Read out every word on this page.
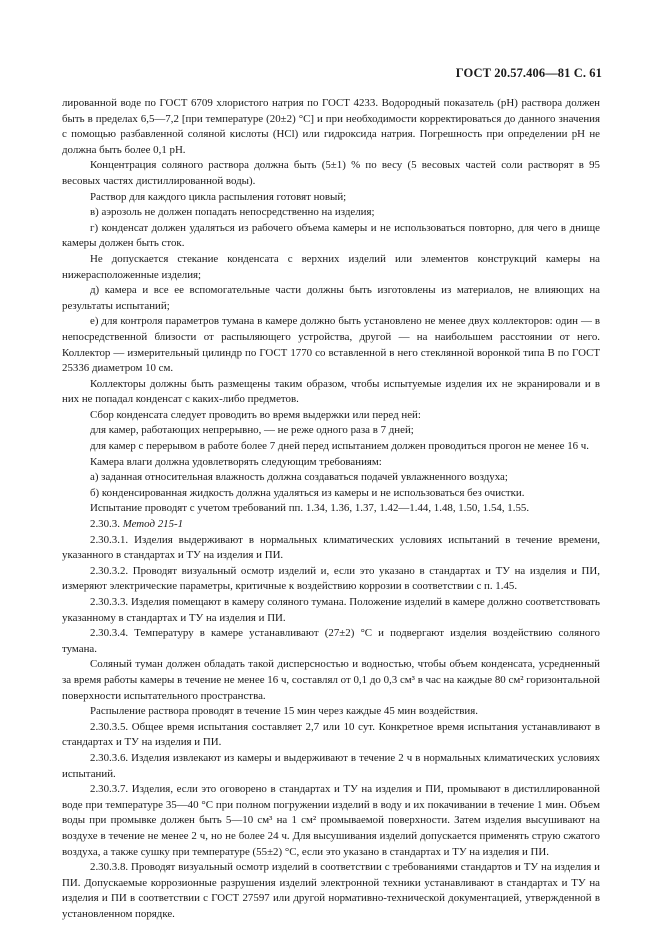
ГОСТ 20.57.406—81 С. 61

лированной воде по ГОСТ 6709 хлористого натрия по ГОСТ 4233. Водородный показатель (рН) раствора должен быть в пределах 6,5—7,2 [при температуре (20±2) °С] и при необходимости корректироваться до данного значения с помощью разбавленной соляной кислоты (HCl) или гидроксида натрия. Погрешность при определении рН не должна быть более 0,1 рН.

Концентрация соляного раствора должна быть (5±1) % по весу (5 весовых частей соли растворят в 95 весовых частях дистиллированной воды).

Раствор для каждого цикла распыления готовят новый;

в) аэрозоль не должен попадать непосредственно на изделия;

г) конденсат должен удаляться из рабочего объема камеры и не использоваться повторно, для чего в днище камеры должен быть сток.

Не допускается стекание конденсата с верхних изделий или элементов конструкций камеры на нижерасположенные изделия;

д) камера и все ее вспомогательные части должны быть изготовлены из материалов, не влияющих на результаты испытаний;

е) для контроля параметров тумана в камере должно быть установлено не менее двух коллекторов: один — в непосредственной близости от распыляющего устройства, другой — на наибольшем расстоянии от него. Коллектор — измерительный цилиндр по ГОСТ 1770 со вставленной в него стеклянной воронкой типа В по ГОСТ 25336 диаметром 10 см.

Коллекторы должны быть размещены таким образом, чтобы испытуемые изделия их не экранировали и в них не попадал конденсат с каких-либо предметов.

Сбор конденсата следует проводить во время выдержки или перед ней:

для камер, работающих непрерывно, — не реже одного раза в 7 дней;

для камер с перерывом в работе более 7 дней перед испытанием должен проводиться прогон не менее 16 ч.

Камера влаги должна удовлетворять следующим требованиям:

а) заданная относительная влажность должна создаваться подачей увлажненного воздуха;

б) конденсированная жидкость должна удаляться из камеры и не использоваться без очистки.

Испытание проводят с учетом требований пп. 1.34, 1.36, 1.37, 1.42—1.44, 1.48, 1.50, 1.54, 1.55.

2.30.3. Метод 215-1

2.30.3.1. Изделия выдерживают в нормальных климатических условиях испытаний в течение времени, указанного в стандартах и ТУ на изделия и ПИ.

2.30.3.2. Проводят визуальный осмотр изделий и, если это указано в стандартах и ТУ на изделия и ПИ, измеряют электрические параметры, критичные к воздействию коррозии в соответствии с п. 1.45.

2.30.3.3. Изделия помещают в камеру соляного тумана. Положение изделий в камере должно соответствовать указанному в стандартах и ТУ на изделия и ПИ.

2.30.3.4. Температуру в камере устанавливают (27±2) °С и подвергают изделия воздействию соляного тумана.

Соляный туман должен обладать такой дисперсностью и водностью, чтобы объем конденсата, усредненный за время работы камеры в течение не менее 16 ч, составлял от 0,1 до 0,3 см³ в час на каждые 80 см² горизонтальной поверхности испытательного пространства.

Распыление раствора проводят в течение 15 мин через каждые 45 мин воздействия.

2.30.3.5. Общее время испытания составляет 2,7 или 10 сут. Конкретное время испытания устанавливают в стандартах и ТУ на изделия и ПИ.

2.30.3.6. Изделия извлекают из камеры и выдерживают в течение 2 ч в нормальных климатических условиях испытаний.

2.30.3.7. Изделия, если это оговорено в стандартах и ТУ на изделия и ПИ, промывают в дистиллированной воде при температуре 35—40 °С при полном погружении изделий в воду и их покачивании в течение 1 мин. Объем воды при промывке должен быть 5—10 см³ на 1 см² промываемой поверхности. Затем изделия высушивают на воздухе в течение не менее 2 ч, но не более 24 ч. Для высушивания изделий допускается применять струю сжатого воздуха, а также сушку при температуре (55±2) °С, если это указано в стандартах и ТУ на изделия и ПИ.

2.30.3.8. Проводят визуальный осмотр изделий в соответствии с требованиями стандартов и ТУ на изделия и ПИ. Допускаемые коррозионные разрушения изделий электронной техники устанавливают в стандартах и ТУ на изделия и ПИ в соответствии с ГОСТ 27597 или другой нормативно-технической документацией, утвержденной в установленном порядке.
